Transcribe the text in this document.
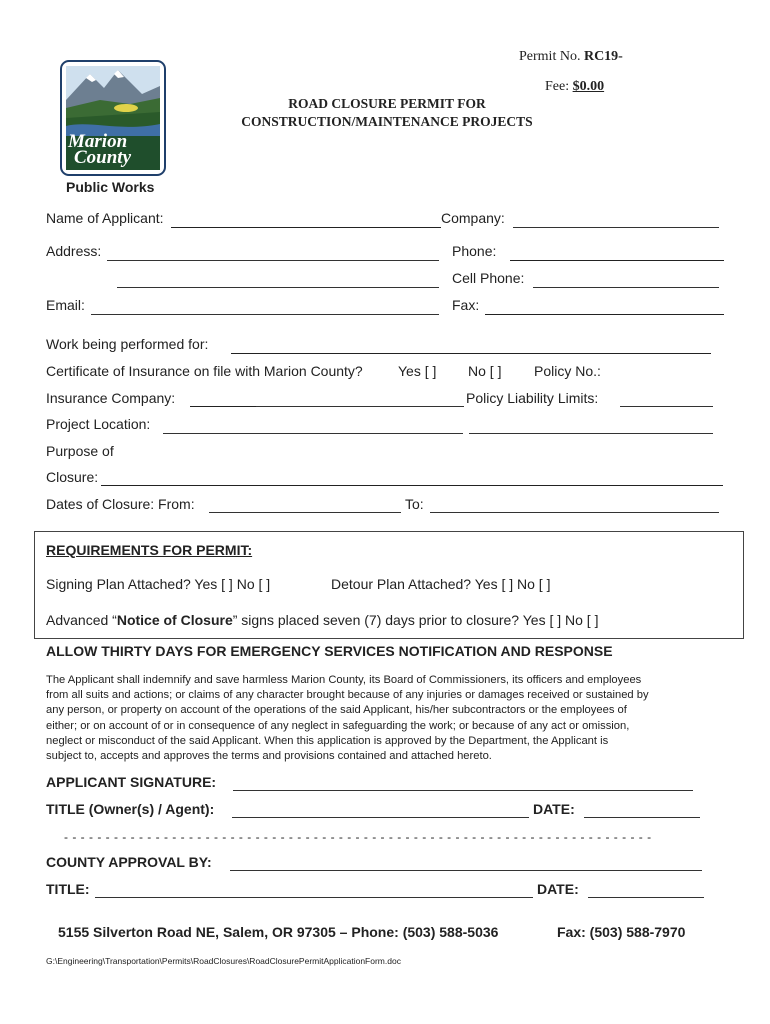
Permit No. RC19-
Fee: $0.00
ROAD CLOSURE PERMIT FOR
CONSTRUCTION/MAINTENANCE PROJECTS
Marion
County
Public Works
Name of Applicant:	Company:
Address:	Phone:
Cell Phone:
Email:	Fax:
Work being performed for:
Certificate of Insurance on file with Marion County?	Yes [ ] No [ ] Policy No.:
Insurance Company:	Policy Liability Limits:
Project Location:
Purpose of
Closure:
Dates of Closure: From:	To:
REQUIREMENTS FOR PERMIT:
Signing Plan Attached? Yes [ ] No [ ]	Detour Plan Attached? Yes [ ] No [ ]
Advanced “Notice of Closure” signs placed seven (7) days prior to closure? Yes [ ] No [ ]
ALLOW THIRTY DAYS FOR EMERGENCY SERVICES NOTIFICATION AND RESPONSE
The Applicant shall indemnify and save harmless Marion County, its Board of Commissioners, its officers and employees
from all suits and actions; or claims of any character brought because of any injuries or damages received or sustained by
any person, or property on account of the operations of the said Applicant, his/her subcontractors or the employees of
either; or on account of or in consequence of any neglect in safeguarding the work; or because of any act or omission,
neglect or misconduct of the said Applicant. When this application is approved by the Department, the Applicant is
subject to, accepts and approves the terms and provisions contained and attached hereto.
APPLICANT SIGNATURE:
TITLE (Owner(s) / Agent):	DATE:
- - - - - - - - - - - - - - - - - - - - - - - - - - - - - - - - - - - - - - - - - - - - - - - - - - - - - - - - - - - - - - - - - - - - - - -
COUNTY APPROVAL BY:
TITLE:	DATE:
5155 Silverton Road NE, Salem, OR 97305 – Phone: (503) 588-5036	Fax: (503) 588-7970
G:\Engineering\Transportation\Permits\RoadClosures\RoadClosurePermitApplicationForm.doc
